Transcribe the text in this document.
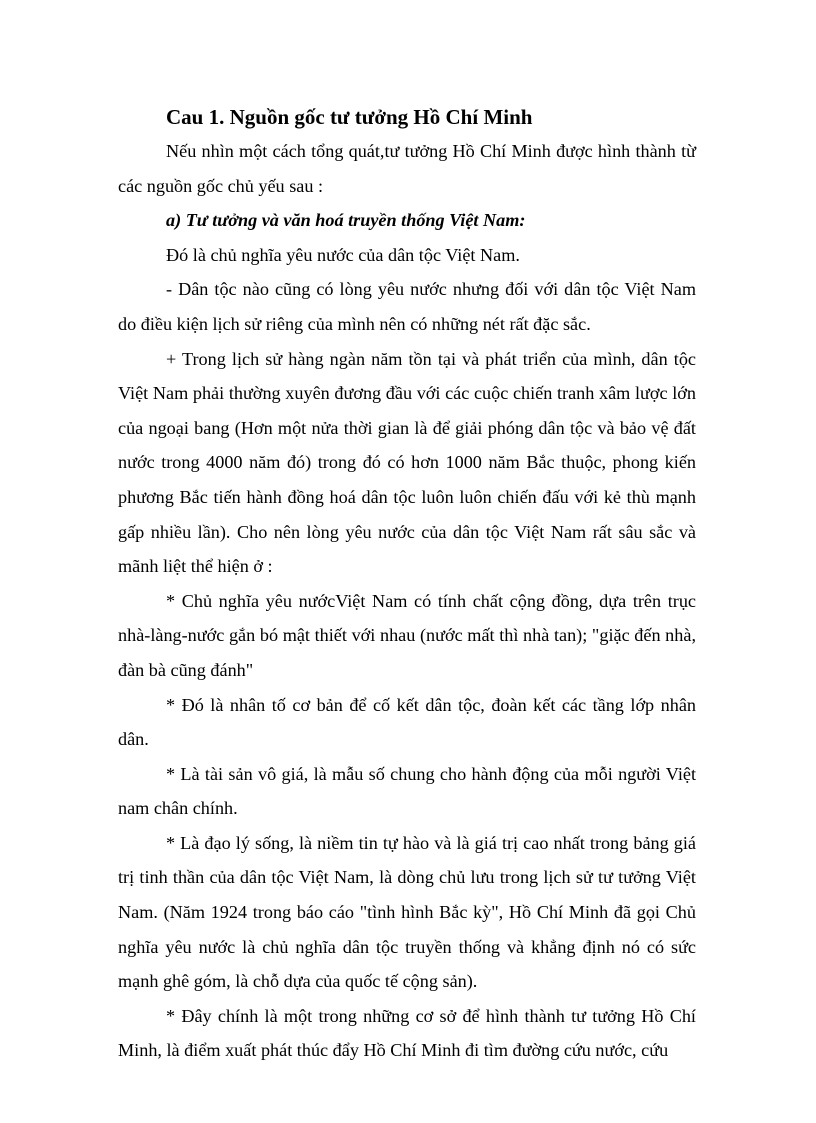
Cau 1. Nguồn gốc tư tưởng Hồ Chí Minh

Nếu nhìn một cách tổng quát,tư tưởng Hồ Chí Minh được hình thành từ các nguồn gốc chủ yếu sau :

a) Tư tưởng và văn hoá truyền thống Việt Nam:

Đó là chủ nghĩa yêu nước của dân tộc Việt Nam.

- Dân tộc nào cũng có lòng yêu nước nhưng đối với dân tộc Việt Nam do điều kiện lịch sử riêng của mình nên có những nét rất đặc sắc.

+ Trong lịch sử hàng ngàn năm tồn tại và phát triển của mình, dân tộc Việt Nam phải thường xuyên đương đầu với các cuộc chiến tranh xâm lược lớn của ngoại bang (Hơn một nửa thời gian là để giải phóng dân tộc và bảo vệ đất nước trong 4000 năm đó) trong đó có hơn 1000 năm Bắc thuộc, phong kiến phương Bắc tiến hành đồng hoá dân tộc luôn luôn chiến đấu với kẻ thù mạnh gấp nhiều lần). Cho nên lòng yêu nước của dân tộc Việt Nam rất sâu sắc và mãnh liệt thể hiện ở :

* Chủ nghĩa yêu nướcViệt Nam có tính chất cộng đồng, dựa trên trục nhà-làng-nước gắn bó mật thiết với nhau (nước mất thì nhà tan); "giặc đến nhà, đàn bà cũng đánh"

* Đó là nhân tố cơ bản để cố kết dân tộc, đoàn kết các tầng lớp nhân dân.

* Là tài sản vô giá, là mẫu số chung cho hành động của mỗi người Việt nam chân chính.

* Là đạo lý sống, là niềm tin tự hào và là giá trị cao nhất trong bảng giá trị tinh thần của dân tộc Việt Nam, là dòng chủ lưu trong lịch sử tư tưởng Việt Nam. (Năm 1924 trong báo cáo "tình hình Bắc kỳ", Hồ Chí Minh đã gọi Chủ nghĩa yêu nước là chủ nghĩa dân tộc truyền thống và khẳng định nó có sức mạnh ghê góm, là chỗ dựa của quốc tế cộng sản).

* Đây chính là một trong những cơ sở để hình thành tư tưởng Hồ Chí Minh, là điểm xuất phát thúc đẩy Hồ Chí Minh đi tìm đường cứu nước, cứu
